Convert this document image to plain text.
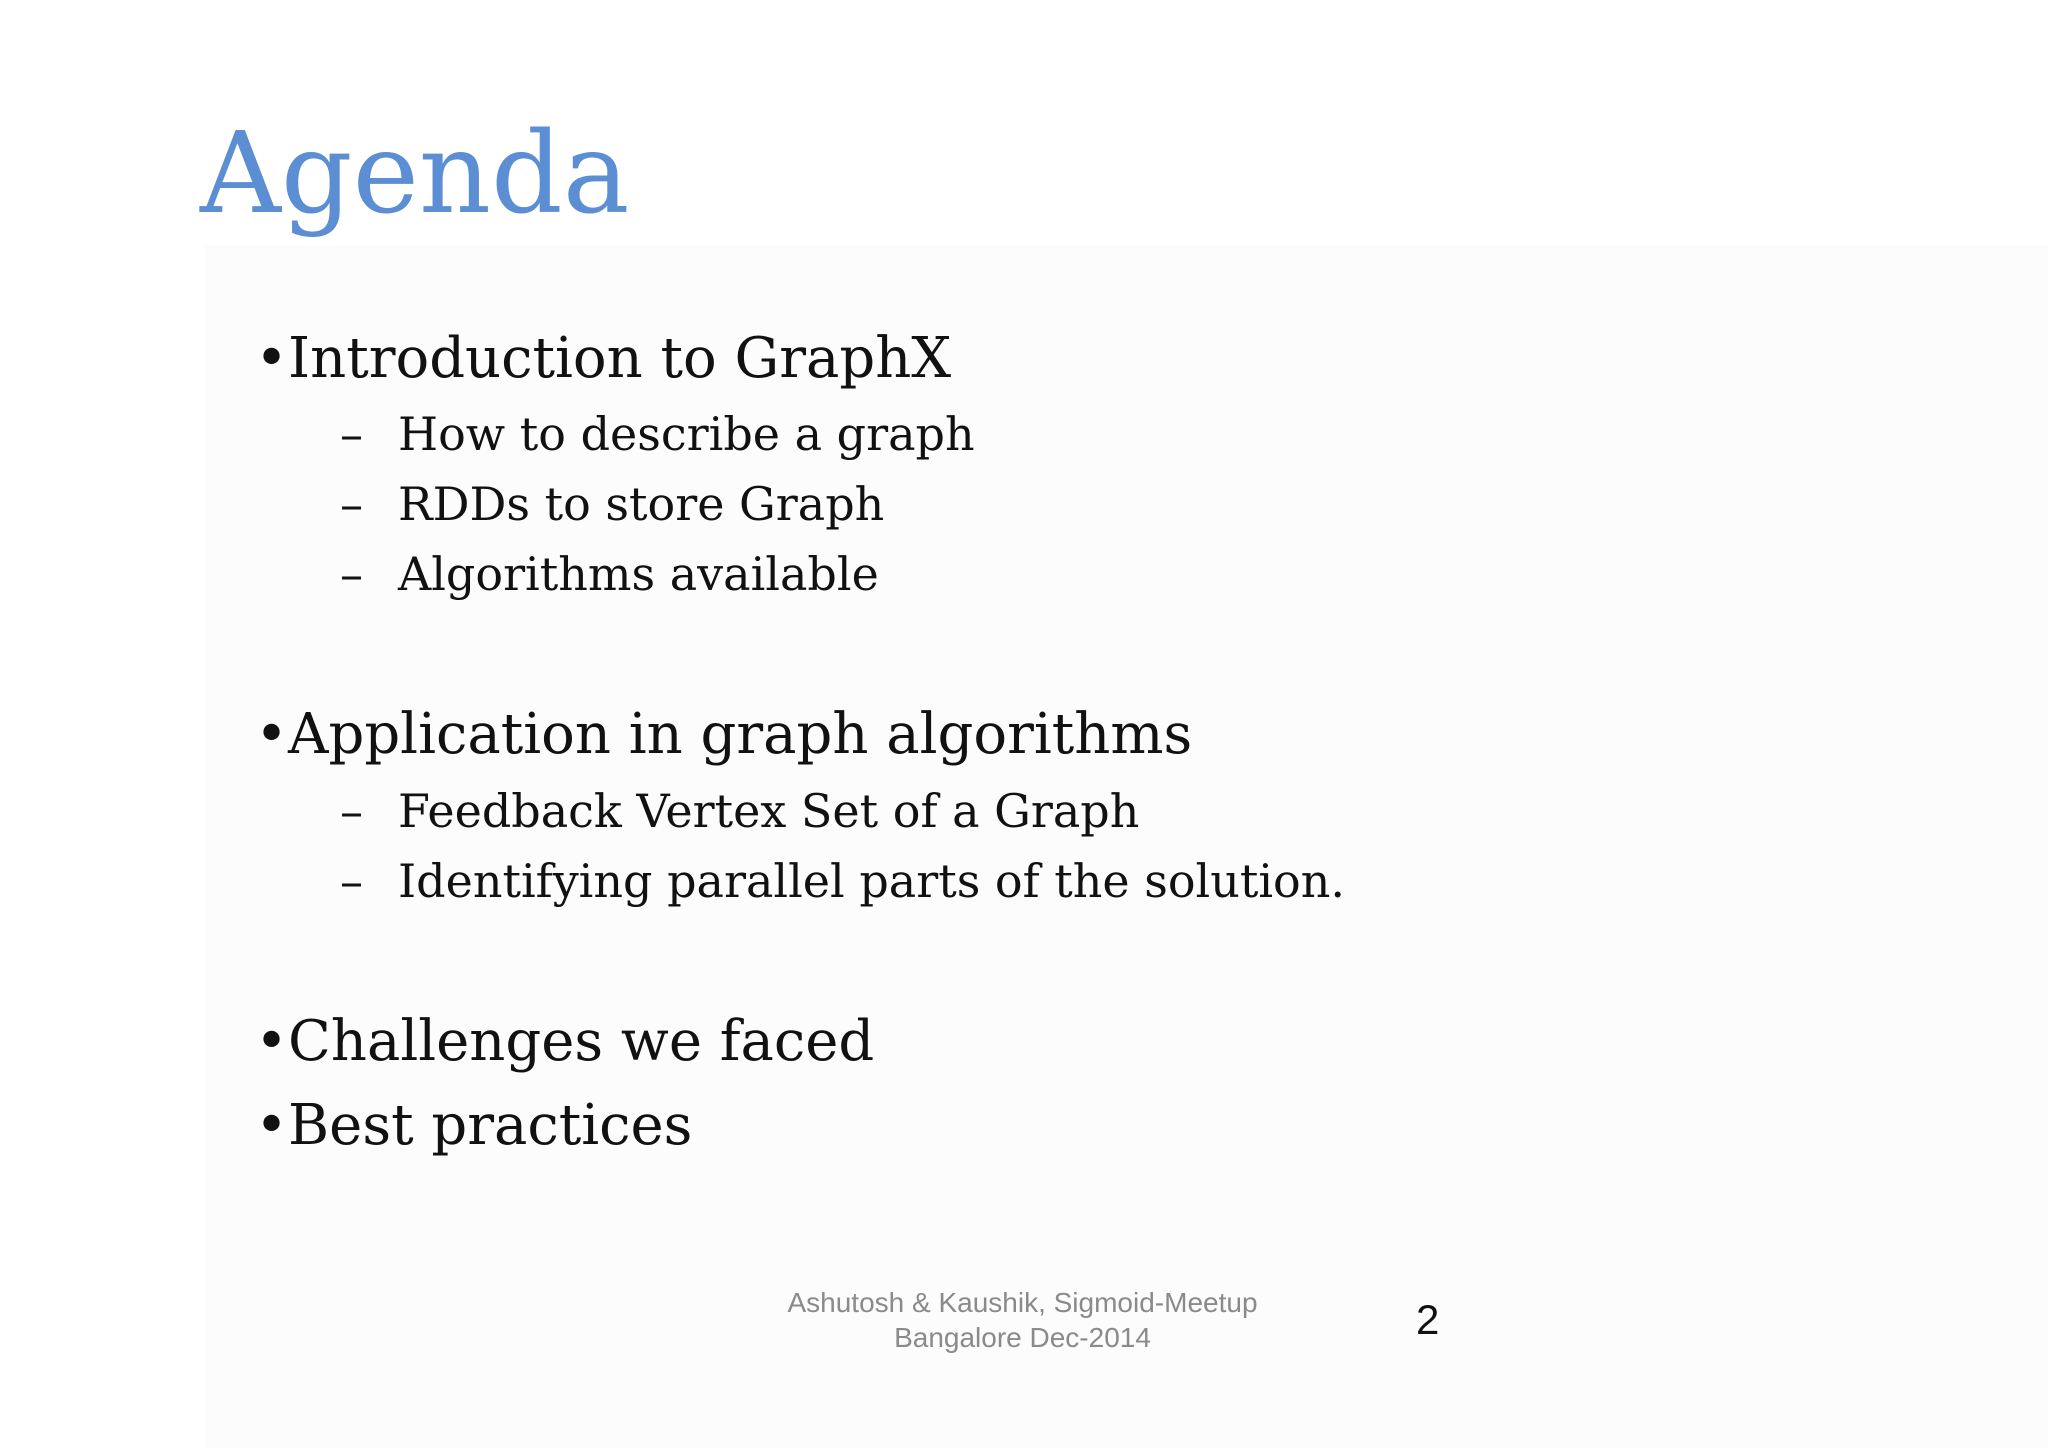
Agenda

•Introduction to GraphX

– How to describe a graph

– RDDs to store Graph

– Algorithms available

•Application in graph algorithms

– Feedback Vertex Set of a Graph

– Identifying parallel parts of the solution.

•Challenges we faced

•Best practices

Ashutosh & Kaushik, Sigmoid-Meetup
Bangalore Dec-2014	2
